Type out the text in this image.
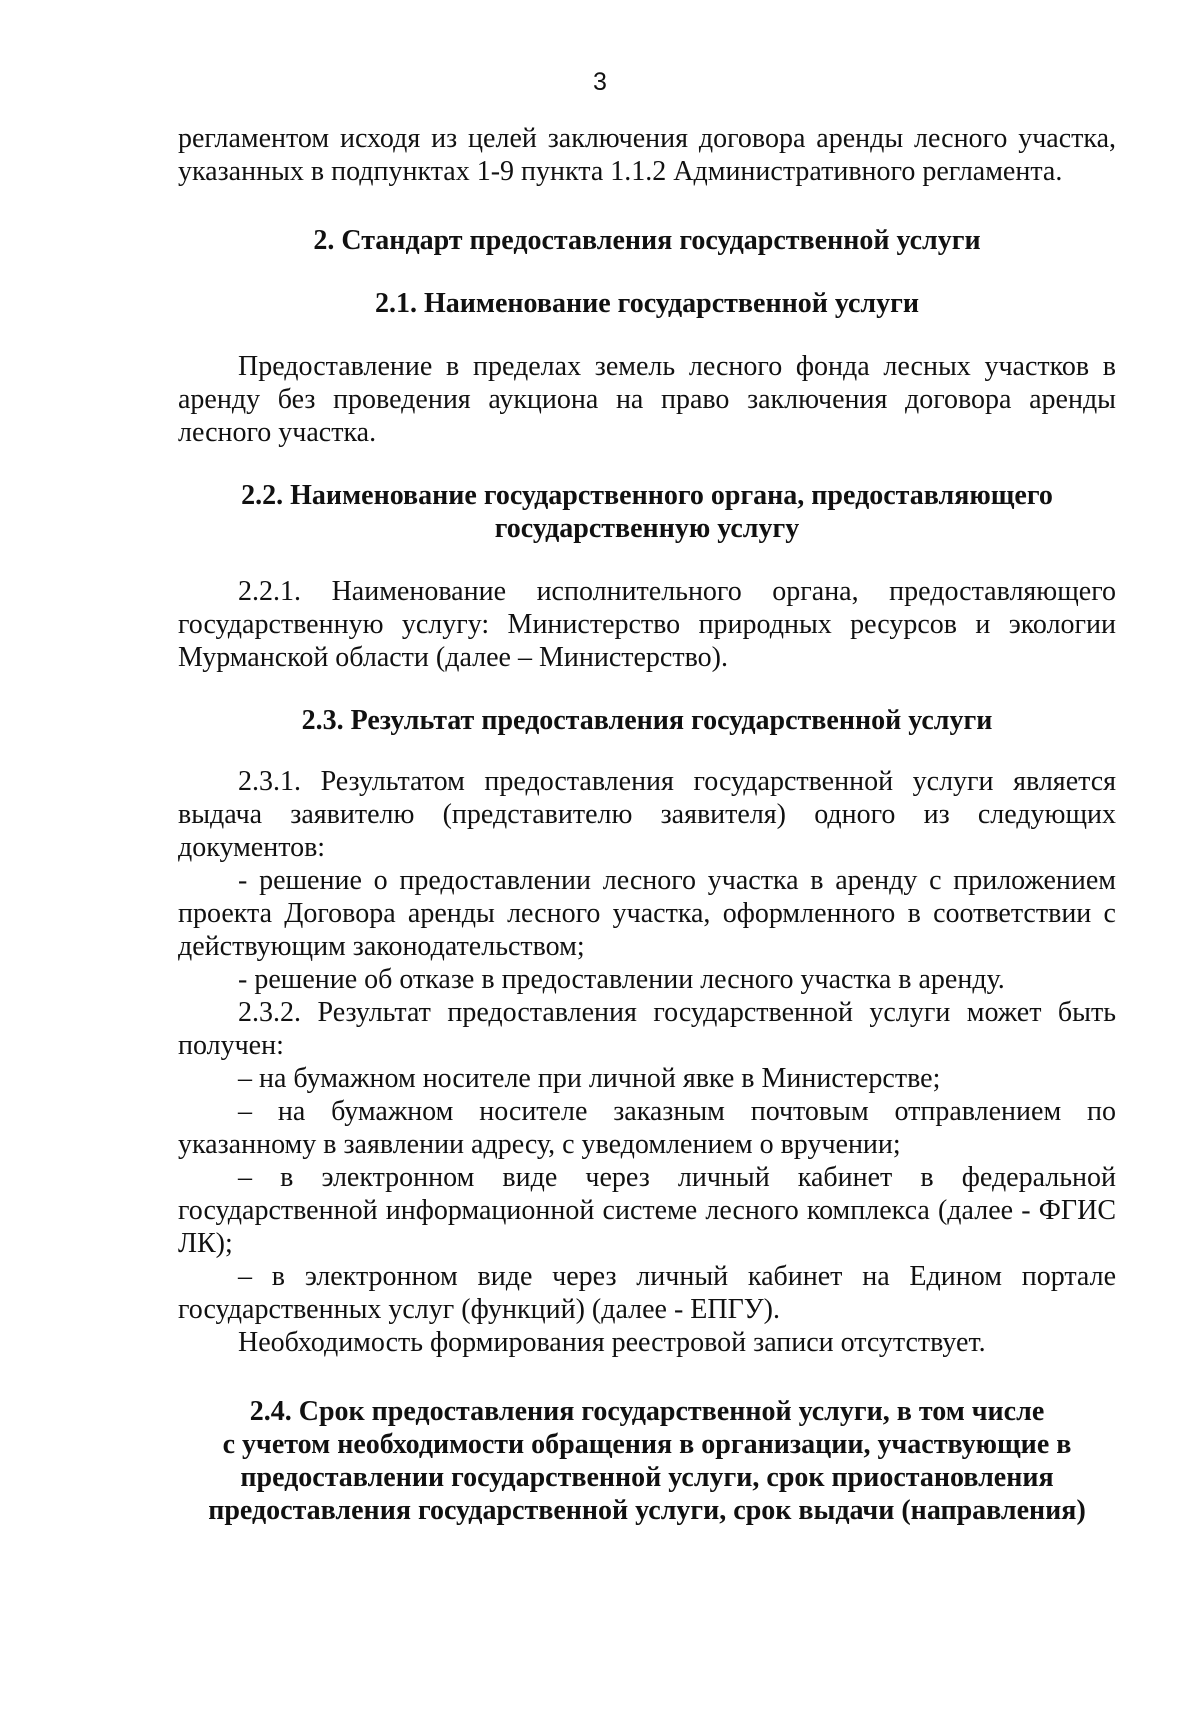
3

регламентом исходя из целей заключения договора аренды лесного участка, указанных в подпунктах 1-9 пункта 1.1.2 Административного регламента.

2. Стандарт предоставления государственной услуги
2.1. Наименование государственной услуги

Предоставление в пределах земель лесного фонда лесных участков в аренду без проведения аукциона на право заключения договора аренды лесного участка.

2.2. Наименование государственного органа, предоставляющего
государственную услугу

2.2.1. Наименование исполнительного органа, предоставляющего государственную услугу: Министерство природных ресурсов и экологии Мурманской области (далее – Министерство).

2.3. Результат предоставления государственной услуги

2.3.1. Результатом предоставления государственной услуги является выдача заявителю (представителю заявителя) одного из следующих документов:

- решение о предоставлении лесного участка в аренду с приложением проекта Договора аренды лесного участка, оформленного в соответствии с действующим законодательством;

- решение об отказе в предоставлении лесного участка в аренду.

2.3.2. Результат предоставления государственной услуги может быть получен:

– на бумажном носителе при личной явке в Министерстве;

– на бумажном носителе заказным почтовым отправлением по указанному в заявлении адресу, с уведомлением о вручении;

– в электронном виде через личный кабинет в федеральной государственной информационной системе лесного комплекса (далее - ФГИС ЛК);

– в электронном виде через личный кабинет на Едином портале государственных услуг (функций) (далее - ЕПГУ).

Необходимость формирования реестровой записи отсутствует.

2.4. Срок предоставления государственной услуги, в том числе
с учетом необходимости обращения в организации, участвующие в
предоставлении государственной услуги, срок приостановления
предоставления государственной услуги, срок выдачи (направления)
